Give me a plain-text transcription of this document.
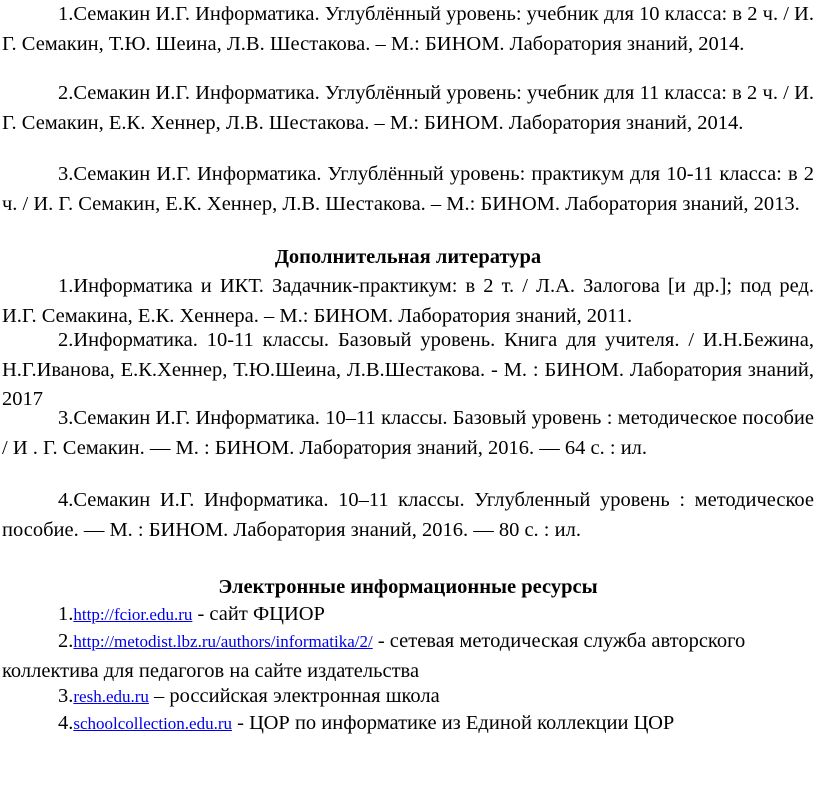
1.Семакин И.Г. Информатика. Углублённый уровень: учебник для 10 класса: в 2 ч. / И. Г. Семакин, Т.Ю. Шеина, Л.В. Шестакова. – М.: БИНОМ. Лаборатория знаний, 2014.

2.Семакин И.Г. Информатика. Углублённый уровень: учебник для 11 класса: в 2 ч. / И. Г. Семакин, Е.К. Хеннер, Л.В. Шестакова. – М.: БИНОМ. Лаборатория знаний, 2014.

3.Семакин И.Г. Информатика. Углублённый уровень: практикум для 10-11 класса: в 2 ч. / И. Г. Семакин, Е.К. Хеннер, Л.В. Шестакова. – М.: БИНОМ. Лаборатория знаний, 2013.

Дополнительная литература

1.Информатика и ИКТ. Задачник-практикум: в 2 т. / Л.А. Залогова [и др.]; под ред. И.Г. Семакина, Е.К. Хеннера. – М.: БИНОМ. Лаборатория знаний, 2011.

2.Информатика. 10-11 классы. Базовый уровень. Книга для учителя. / И.Н.Бежина, Н.Г.Иванова, Е.К.Хеннер, Т.Ю.Шеина, Л.В.Шестакова. - М. : БИНОМ. Лаборатория знаний, 2017

3.Семакин И.Г. Информатика. 10–11 классы. Базовый уровень : методическое пособие / И . Г. Семакин. — М. : БИНОМ. Лаборатория знаний, 2016. — 64 с. : ил.

4.Семакин И.Г. Информатика. 10–11 классы. Углубленный уровень : методическое пособие. — М. : БИНОМ. Лаборатория знаний, 2016. — 80 с. : ил.

Электронные информационные ресурсы

1.http://fcior.edu.ru - сайт ФЦИОР

2.http://metodist.lbz.ru/authors/informatika/2/ - сетевая методическая служба авторского коллектива для педагогов на сайте издательства

3.resh.edu.ru – российская электронная школа

4.schoolcollection.edu.ru - ЦОР по информатике из Единой коллекции ЦОР
